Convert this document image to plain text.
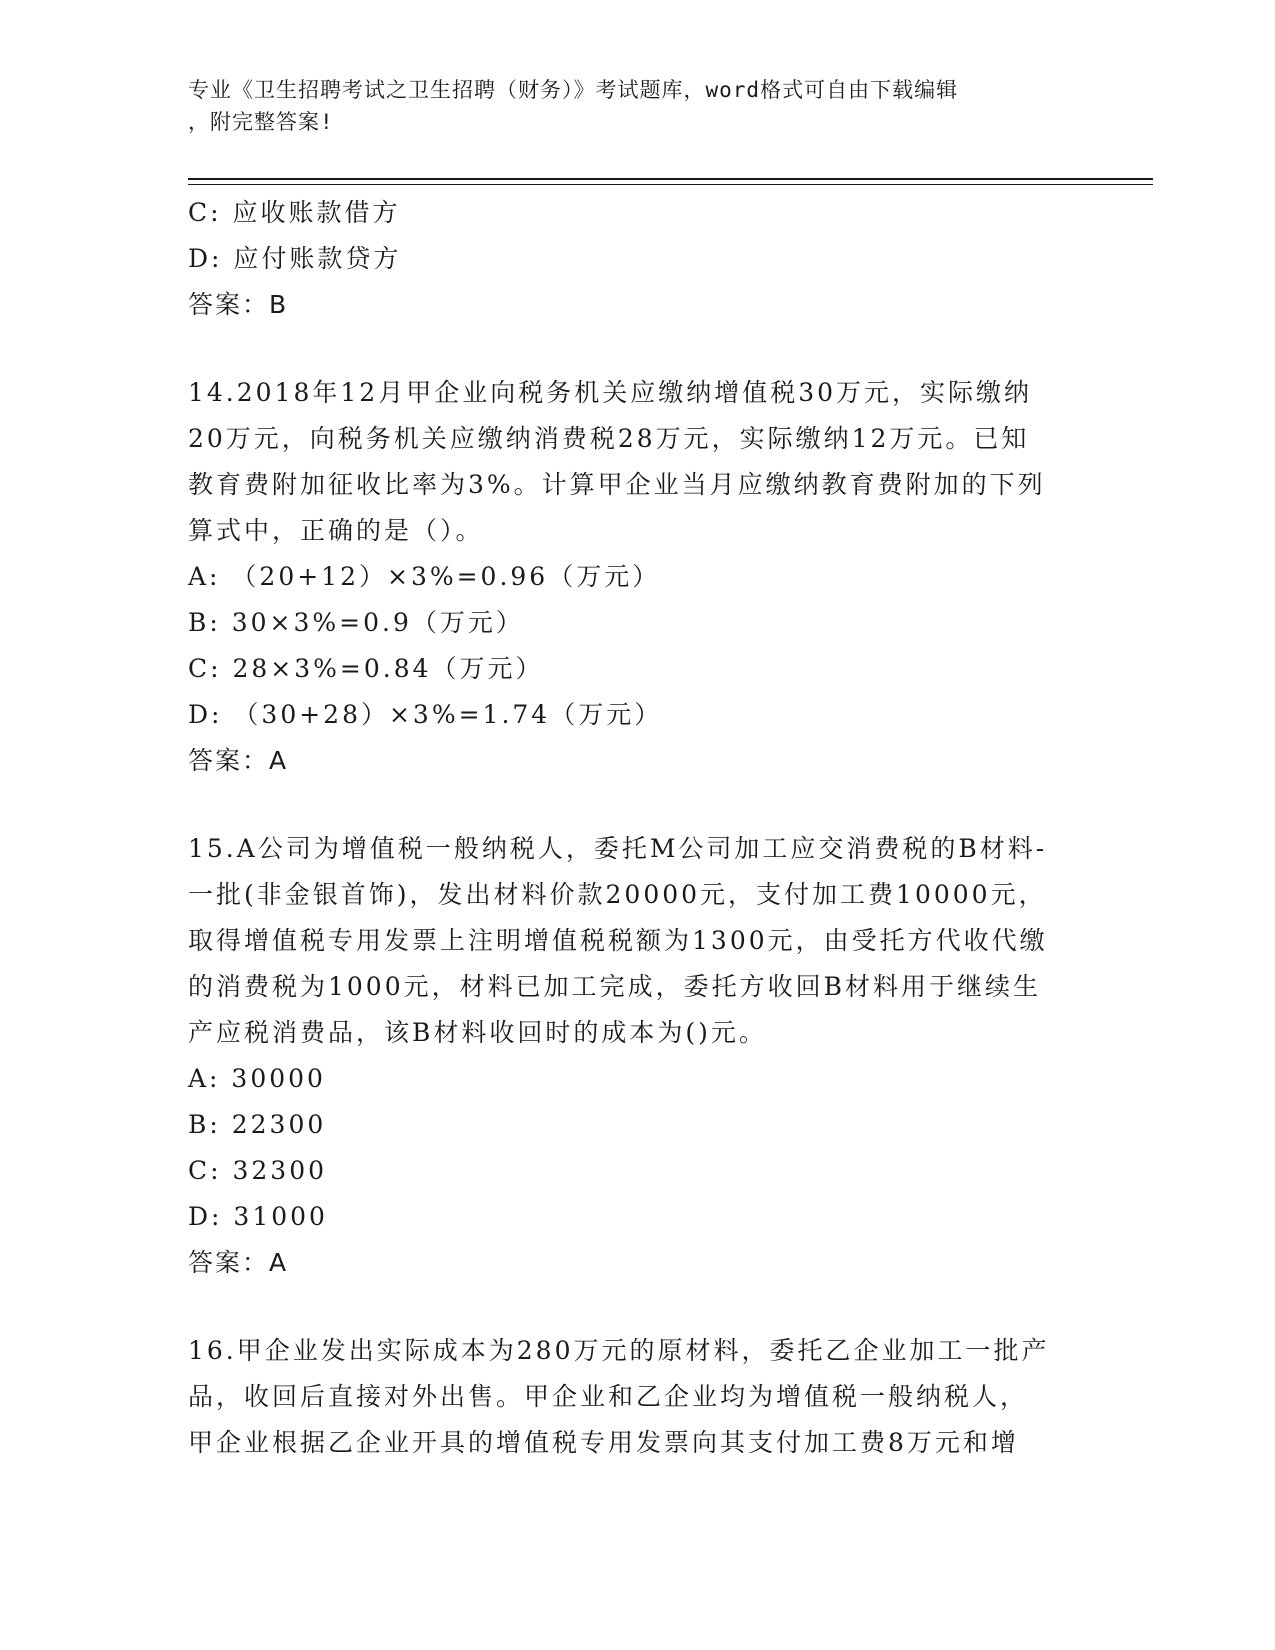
专业《卫生招聘考试之卫生招聘（财务）》考试题库，word格式可自由下载编辑
，附完整答案!
C: 应收账款借方
D: 应付账款贷方
答案：B
14.2018年12月甲企业向税务机关应缴纳增值税30万元，实际缴纳
20万元，向税务机关应缴纳消费税28万元，实际缴纳12万元。已知
教育费附加征收比率为3%。计算甲企业当月应缴纳教育费附加的下列
算式中，正确的是（）。
A: （20+12）×3%=0.96（万元）
B: 30×3%=0.9（万元）
C: 28×3%=0.84（万元）
D: （30+28）×3%=1.74（万元）
答案：A
15.A公司为增值税一般纳税人，委托M公司加工应交消费税的B材料-
一批(非金银首饰)，发出材料价款20000元，支付加工费10000元，
取得增值税专用发票上注明增值税税额为1300元，由受托方代收代缴
的消费税为1000元，材料已加工完成，委托方收回B材料用于继续生
产应税消费品，该B材料收回时的成本为()元。
A: 30000
B: 22300
C: 32300
D: 31000
答案：A
16.甲企业发出实际成本为280万元的原材料，委托乙企业加工一批产
品，收回后直接对外出售。甲企业和乙企业均为增值税一般纳税人，
甲企业根据乙企业开具的增值税专用发票向其支付加工费8万元和增
